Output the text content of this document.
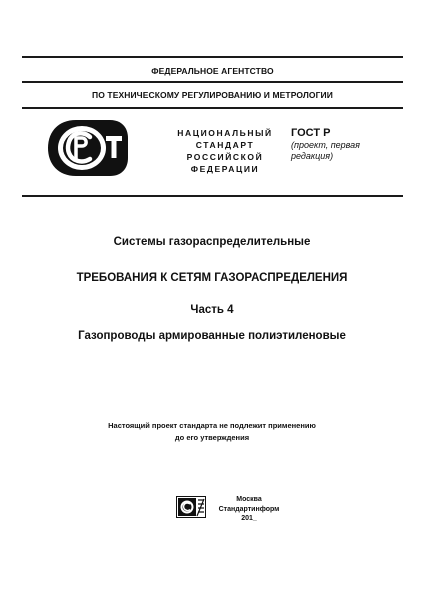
ФЕДЕРАЛЬНОЕ АГЕНТСТВО
ПО ТЕХНИЧЕСКОМУ РЕГУЛИРОВАНИЮ И МЕТРОЛОГИИ
НАЦИОНАЛЬНЫЙ
СТАНДАРТ
РОССИЙСКОЙ
ФЕДЕРАЦИИ
ГОСТ Р
(проект, первая
редакция)
Системы газораспределительные
ТРЕБОВАНИЯ К СЕТЯМ ГАЗОРАСПРЕДЕЛЕНИЯ
Часть 4
Газопроводы армированные полиэтиленовые
Настоящий проект стандарта не подлежит применению
до его утверждения
Москва
Стандартинформ
201_
